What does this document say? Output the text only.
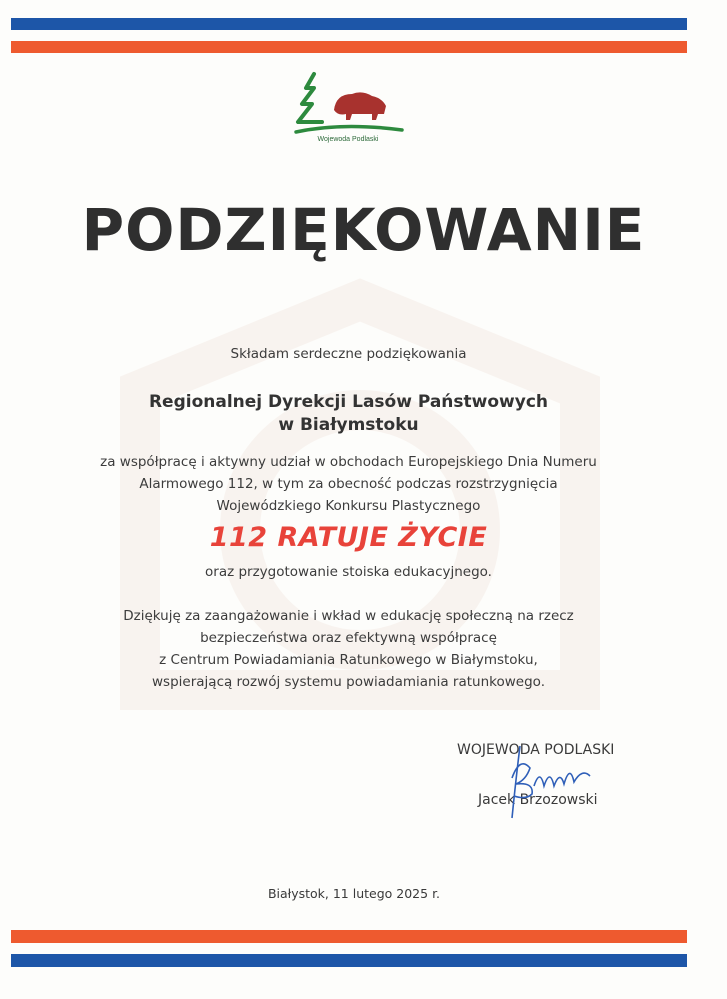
Wojewoda Podlaski
PODZIĘKOWANIE
Składam serdeczne podziękowania
Regionalnej Dyrekcji Lasów Państwowych
w Białymstoku
za współpracę i aktywny udział w obchodach Europejskiego Dnia Numeru
Alarmowego 112, w tym za obecność podczas rozstrzygnięcia
Wojewódzkiego Konkursu Plastycznego
112 RATUJE ŻYCIE
oraz przygotowanie stoiska edukacyjnego.
Dziękuję za zaangażowanie i wkład w edukację społeczną na rzecz
bezpieczeństwa oraz efektywną współpracę
z Centrum Powiadamiania Ratunkowego w Białymstoku,
wspierającą rozwój systemu powiadamiania ratunkowego.
WOJEWODA PODLASKI
Jacek Brzozowski
Białystok, 11 lutego 2025 r.
